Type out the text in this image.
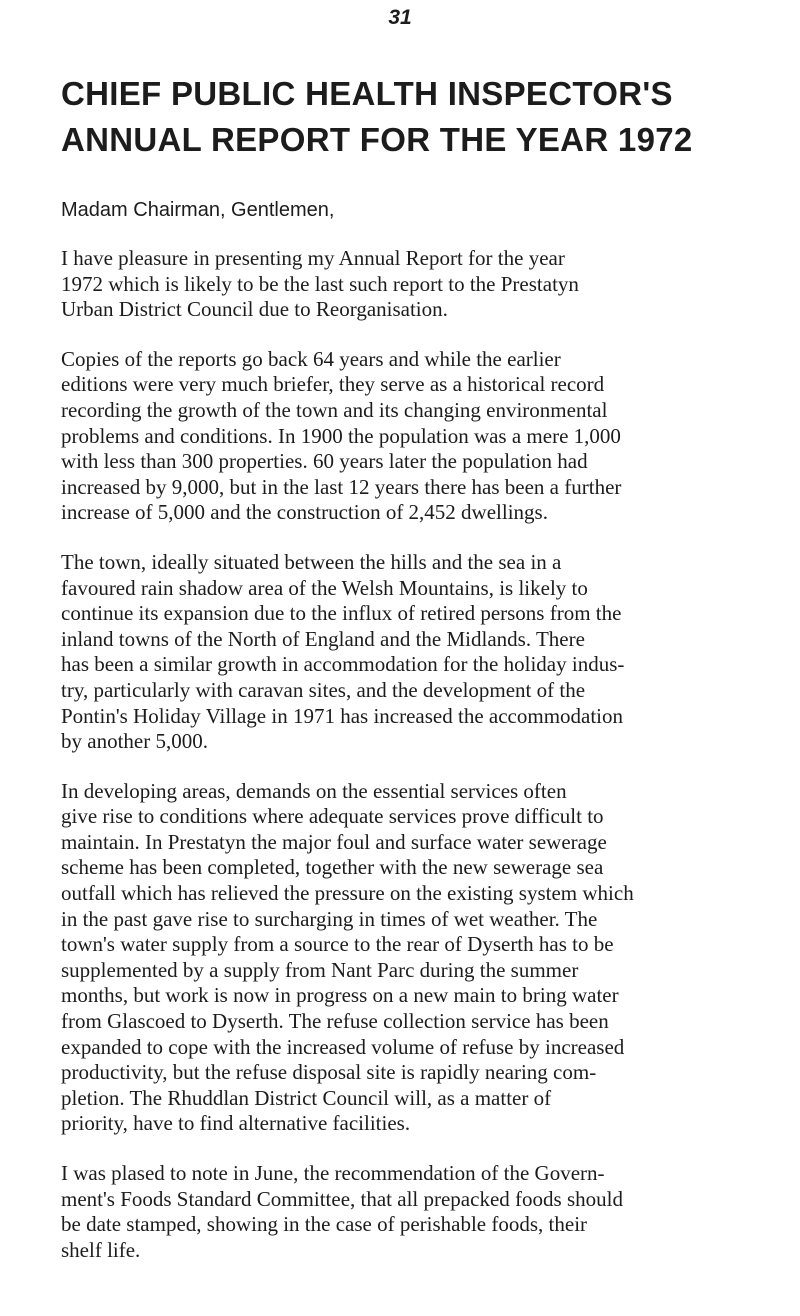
31
CHIEF PUBLIC HEALTH INSPECTOR'S
ANNUAL REPORT FOR THE YEAR 1972

Madam Chairman, Gentlemen,

I have pleasure in presenting my Annual Report for the year
1972 which is likely to be the last such report to the Prestatyn
Urban District Council due to Reorganisation.

Copies of the reports go back 64 years and while the earlier
editions were very much briefer, they serve as a historical record
recording the growth of the town and its changing environmental
problems and conditions. In 1900 the population was a mere 1,000
with less than 300 properties. 60 years later the population had
increased by 9,000, but in the last 12 years there has been a further
increase of 5,000 and the construction of 2,452 dwellings.

The town, ideally situated between the hills and the sea in a
favoured rain shadow area of the Welsh Mountains, is likely to
continue its expansion due to the influx of retired persons from the
inland towns of the North of England and the Midlands. There
has been a similar growth in accommodation for the holiday indus-
try, particularly with caravan sites, and the development of the
Pontin's Holiday Village in 1971 has increased the accommodation
by another 5,000.

In developing areas, demands on the essential services often
give rise to conditions where adequate services prove difficult to
maintain. In Prestatyn the major foul and surface water sewerage
scheme has been completed, together with the new sewerage sea
outfall which has relieved the pressure on the existing system which
in the past gave rise to surcharging in times of wet weather. The
town's water supply from a source to the rear of Dyserth has to be
supplemented by a supply from Nant Parc during the summer
months, but work is now in progress on a new main to bring water
from Glascoed to Dyserth. The refuse collection service has been
expanded to cope with the increased volume of refuse by increased
productivity, but the refuse disposal site is rapidly nearing com-
pletion. The Rhuddlan District Council will, as a matter of
priority, have to find alternative facilities.

I was plased to note in June, the recommendation of the Govern-
ment's Foods Standard Committee, that all prepacked foods should
be date stamped, showing in the case of perishable foods, their
shelf life.
